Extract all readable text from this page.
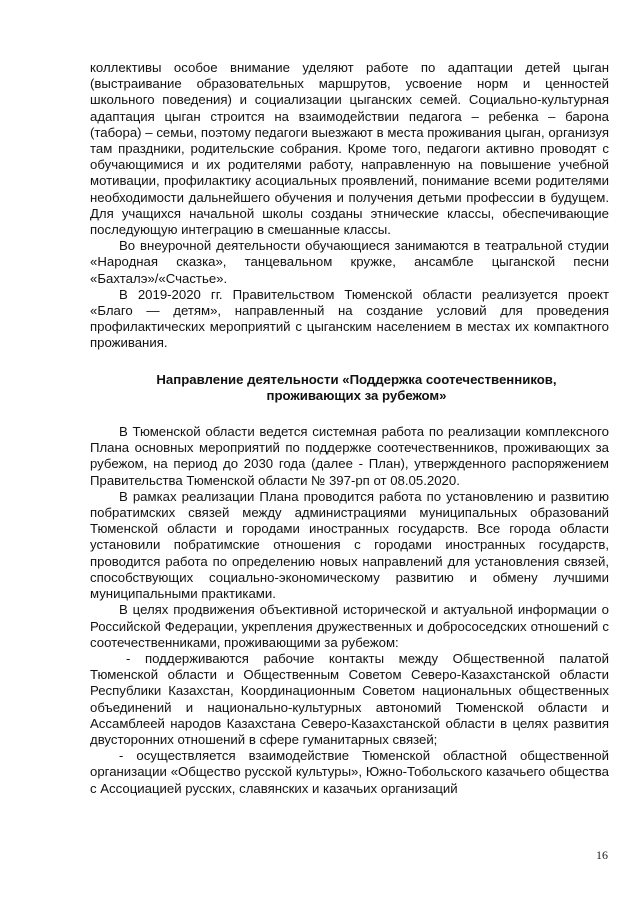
коллективы особое внимание уделяют работе по адаптации детей цыган (выстраивание образовательных маршрутов, усвоение норм и ценностей школьного поведения) и социализации цыганских семей. Социально-культурная адаптация цыган строится на взаимодействии педагога – ребенка – барона (табора) – семьи, поэтому педагоги выезжают в места проживания цыган, организуя там праздники, родительские собрания. Кроме того, педагоги активно проводят с обучающимися и их родителями работу, направленную на повышение учебной мотивации, профилактику асоциальных проявлений, понимание всеми родителями необходимости дальнейшего обучения и получения детьми профессии в будущем. Для учащихся начальной школы созданы этнические классы, обеспечивающие последующую интеграцию в смешанные классы.

Во внеурочной деятельности обучающиеся занимаются в театральной студии «Народная сказка», танцевальном кружке, ансамбле цыганской песни «Бахталэ»/«Счастье».

В 2019-2020 гг. Правительством Тюменской области реализуется проект «Благо — детям», направленный на создание условий для проведения профилактических мероприятий с цыганским населением в местах их компактного проживания.

Направление деятельности «Поддержка соотечественников,
проживающих за рубежом»

В Тюменской области ведется системная работа по реализации комплексного Плана основных мероприятий по поддержке соотечественников, проживающих за рубежом, на период до 2030 года (далее - План), утвержденного распоряжением Правительства Тюменской области № 397-рп от 08.05.2020.

В рамках реализации Плана проводится работа по установлению и развитию побратимских связей между администрациями муниципальных образований Тюменской области и городами иностранных государств. Все города области установили побратимские отношения с городами иностранных государств, проводится работа по определению новых направлений для установления связей, способствующих социально-экономическому развитию и обмену лучшими муниципальными практиками.

В целях продвижения объективной исторической и актуальной информации о Российской Федерации, укрепления дружественных и добрососедских отношений с соотечественниками, проживающими за рубежом:

- поддерживаются рабочие контакты между Общественной палатой Тюменской области и Общественным Советом Северо-Казахстанской области Республики Казахстан, Координационным Советом национальных общественных объединений и национально-культурных автономий Тюменской области и Ассамблеей народов Казахстана Северо-Казахстанской области в целях развития двусторонних отношений в сфере гуманитарных связей;

- осуществляется взаимодействие Тюменской областной общественной организации «Общество русской культуры», Южно-Тобольского казачьего общества с Ассоциацией русских, славянских и казачьих организаций

16
